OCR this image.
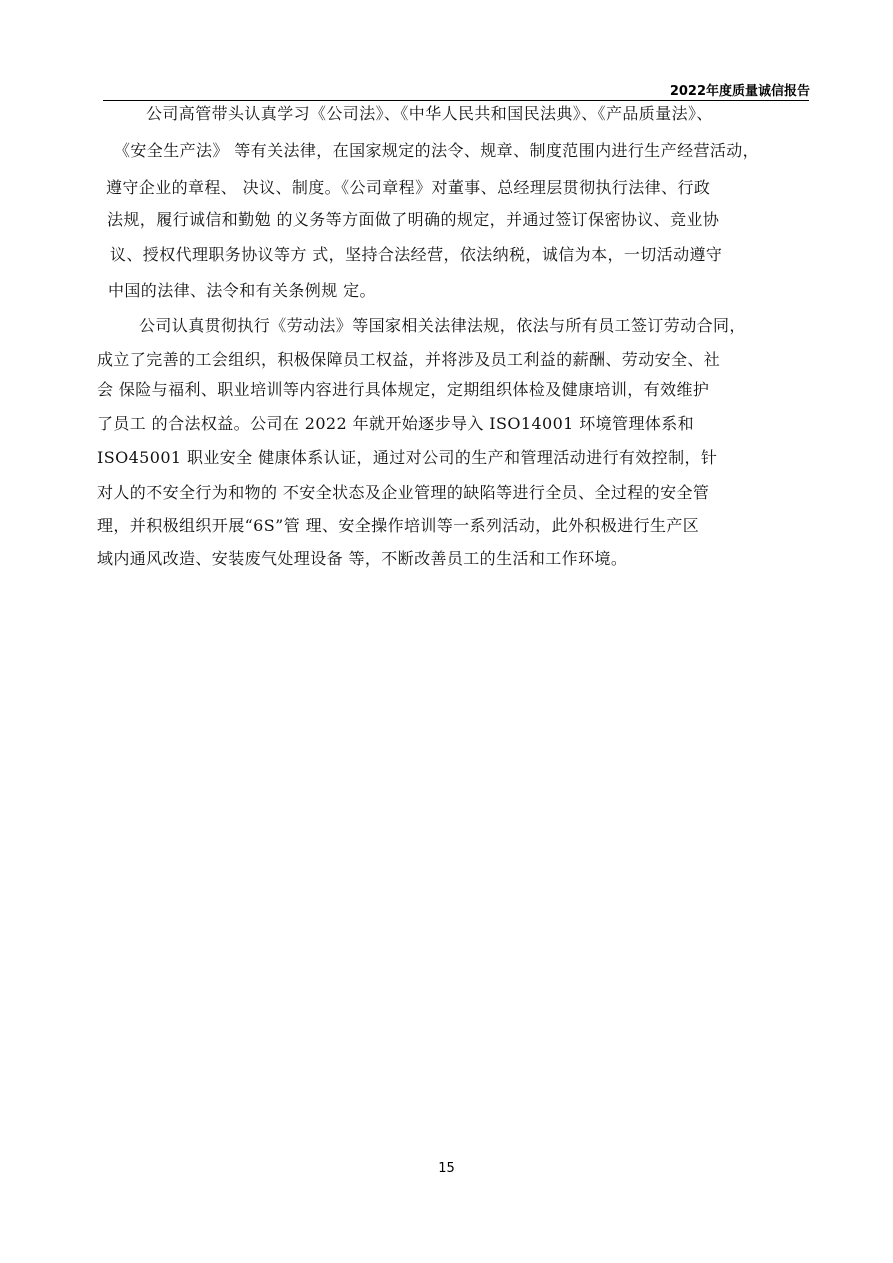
2022年度质量诚信报告
公司高管带头认真学习《公司法》、《中华人民共和国民法典》、《产品质量法》、
《安全生产法》 等有关法律，在国家规定的法令、规章、制度范围内进行生产经营活动，
遵守企业的章程、 决议、制度。《公司章程》对董事、总经理层贯彻执行法律、行政
法规，履行诚信和勤勉 的义务等方面做了明确的规定，并通过签订保密协议、竞业协
议、授权代理职务协议等方 式，坚持合法经营，依法纳税，诚信为本，一切活动遵守
中国的法律、法令和有关条例规 定。
公司认真贯彻执行《劳动法》等国家相关法律法规，依法与所有员工签订劳动合同，
成立了完善的工会组织，积极保障员工权益，并将涉及员工利益的薪酬、劳动安全、社
会 保险与福利、职业培训等内容进行具体规定，定期组织体检及健康培训，有效维护
了员工 的合法权益。公司在 2022 年就开始逐步导入 ISO14001 环境管理体系和
ISO45001 职业安全 健康体系认证，通过对公司的生产和管理活动进行有效控制，针
对人的不安全行为和物的 不安全状态及企业管理的缺陷等进行全员、全过程的安全管
理，并积极组织开展“6S”管 理、安全操作培训等一系列活动，此外积极进行生产区
域内通风改造、安装废气处理设备 等，不断改善员工的生活和工作环境。
15
